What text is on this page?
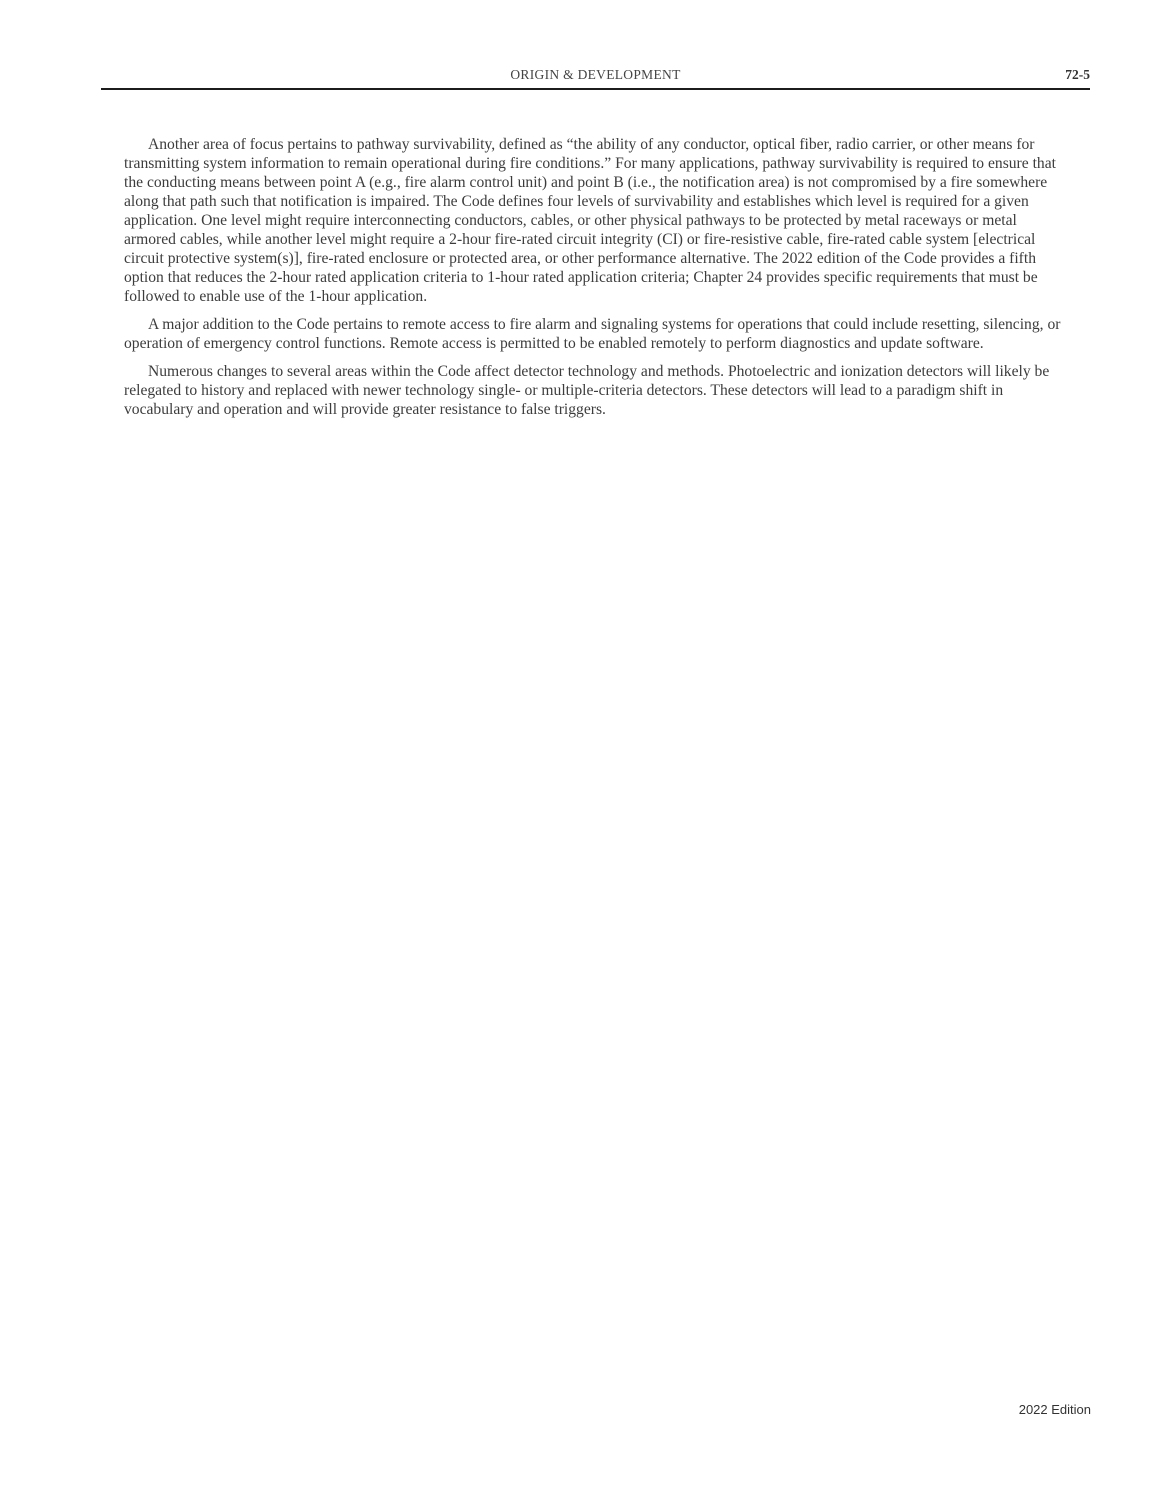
ORIGIN & DEVELOPMENT	72-5

Another area of focus pertains to pathway survivability, defined as “the ability of any conductor, optical fiber, radio carrier, or other means for transmitting system information to remain operational during fire conditions.” For many applications, pathway survivability is required to ensure that the conducting means between point A (e.g., fire alarm control unit) and point B (i.e., the notification area) is not compromised by a fire somewhere along that path such that notification is impaired. The Code defines four levels of survivability and establishes which level is required for a given application. One level might require interconnecting conductors, cables, or other physical pathways to be protected by metal raceways or metal armored cables, while another level might require a 2-hour fire-rated circuit integrity (CI) or fire-resistive cable, fire-rated cable system [electrical circuit protective system(s)], fire-rated enclosure or protected area, or other performance alternative. The 2022 edition of the Code provides a fifth option that reduces the 2-hour rated application criteria to 1-hour rated application criteria; Chapter 24 provides specific requirements that must be followed to enable use of the 1-hour application.

A major addition to the Code pertains to remote access to fire alarm and signaling systems for operations that could include resetting, silencing, or operation of emergency control functions. Remote access is permitted to be enabled remotely to perform diagnostics and update software.

Numerous changes to several areas within the Code affect detector technology and methods. Photoelectric and ionization detectors will likely be relegated to history and replaced with newer technology single- or multiple-criteria detectors. These detectors will lead to a paradigm shift in vocabulary and operation and will provide greater resistance to false triggers.

2022 Edition
